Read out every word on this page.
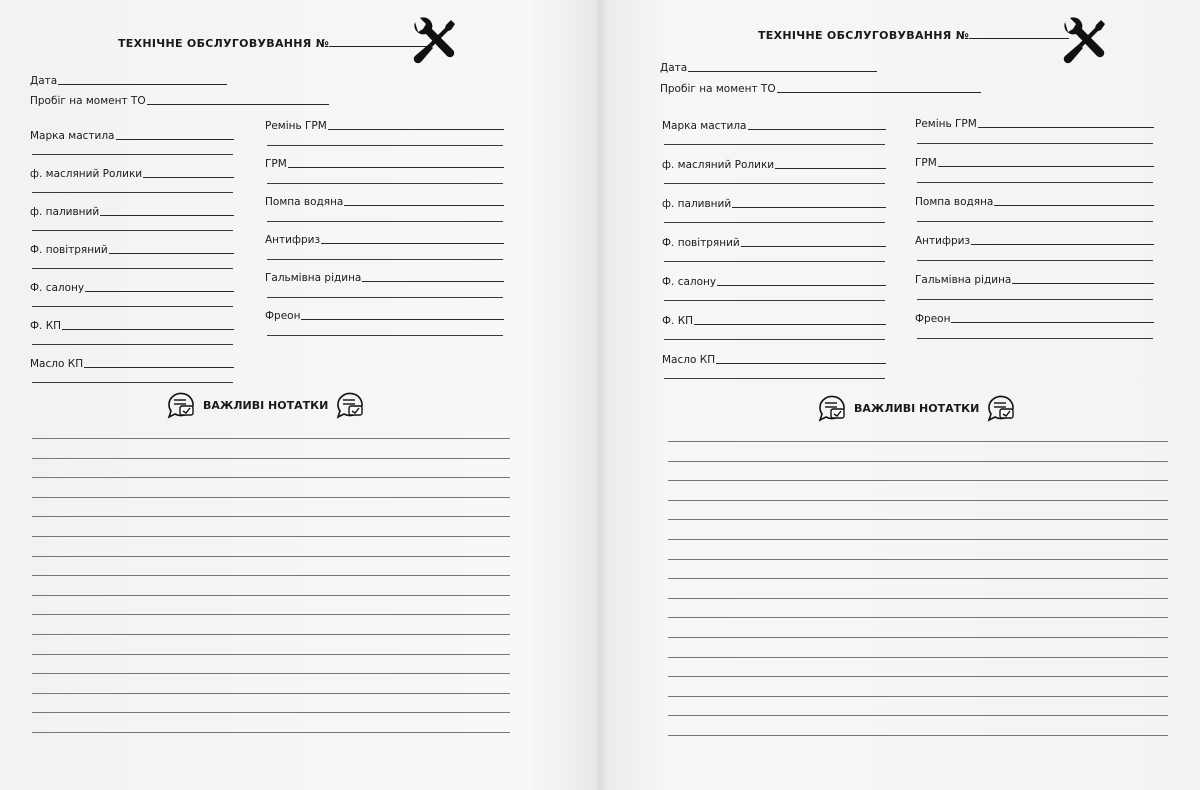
ТЕХНІЧНЕ ОБСЛУГОВУВАННЯ №
Дата
Пробіг на момент ТО
Марка мастила
ф. масляний Ролики
ф. паливний
Ф. повітряний
Ф. салону
Ф. КП
Масло КП
Ремінь ГРМ
ГРМ
Помпа водяна
Антифриз
Гальмівна рідина
Фреон
ВАЖЛИВІ НОТАТКИ
ТЕХНІЧНЕ ОБСЛУГОВУВАННЯ №
Дата
Пробіг на момент ТО
Марка мастила
ф. масляний Ролики
ф. паливний
Ф. повітряний
Ф. салону
Ф. КП
Масло КП
Ремінь ГРМ
ГРМ
Помпа водяна
Антифриз
Гальмівна рідина
Фреон
ВАЖЛИВІ НОТАТКИ
